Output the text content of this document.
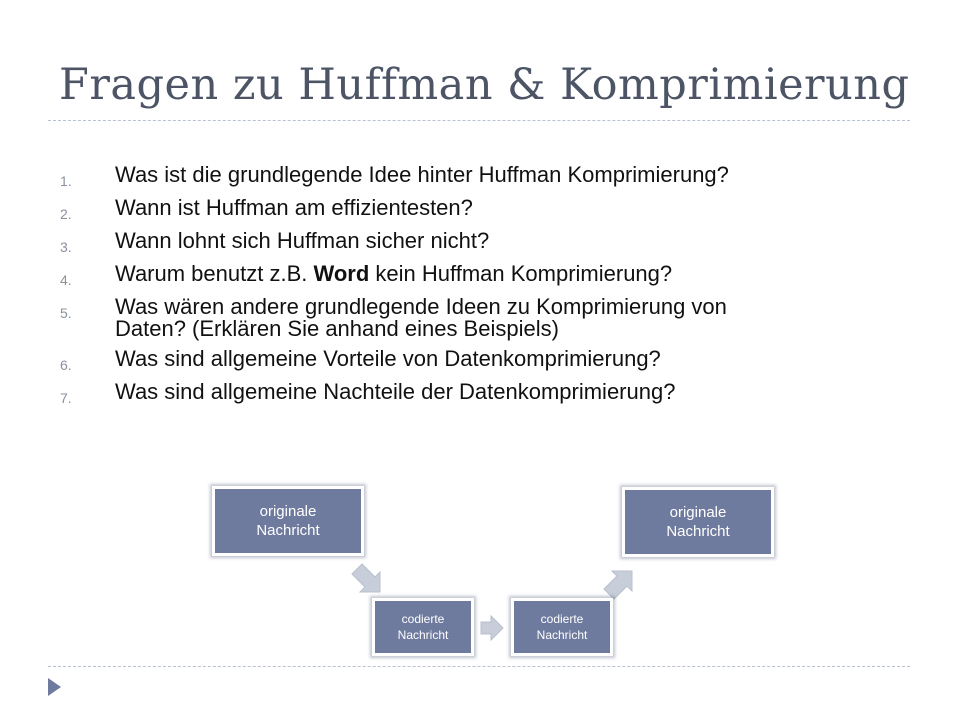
Fragen zu Huffman & Komprimierung
1.	Was ist die grundlegende Idee hinter Huffman Komprimierung?
2.	Wann ist Huffman am effizientesten?
3.	Wann lohnt sich Huffman sicher nicht?
4.	Warum benutzt z.B. Word kein Huffman Komprimierung?
5.	Was wären andere grundlegende Ideen zu Komprimierung von
Daten? (Erklären Sie anhand eines Beispiels)
6.	Was sind allgemeine Vorteile von Datenkomprimierung?
7.	Was sind allgemeine Nachteile der Datenkomprimierung?
originale
Nachricht
codierte
Nachricht
codierte
Nachricht
originale
Nachricht
